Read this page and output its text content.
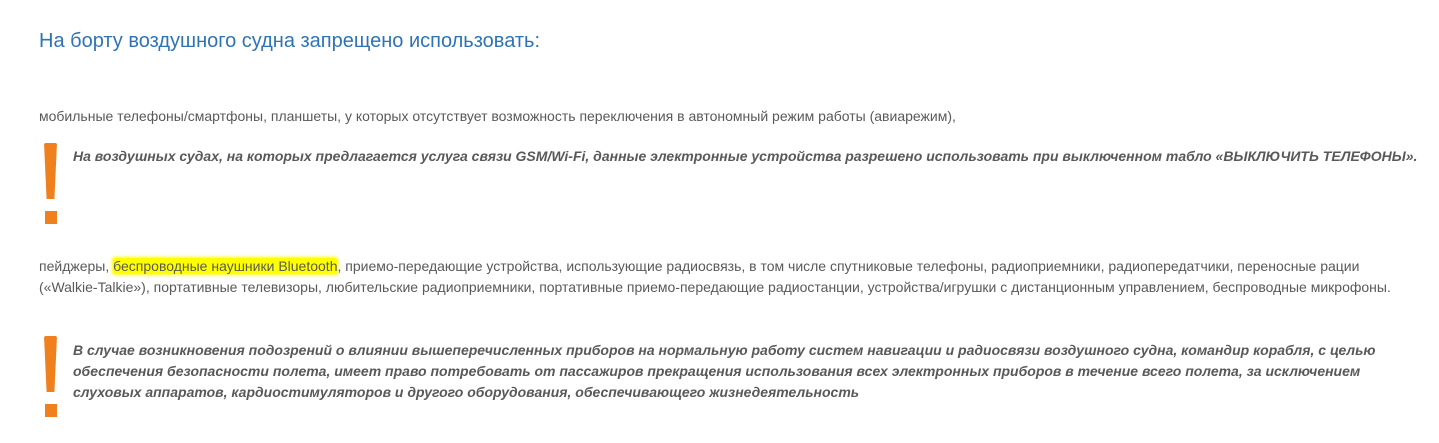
На борту воздушного судна запрещено использовать:

мобильные телефоны/смартфоны, планшеты, у которых отсутствует возможность переключения в автономный режим работы (авиарежим),

На воздушных судах, на которых предлагается услуга связи GSM/Wi-Fi, данные электронные устройства разрешено использовать при выключенном табло «ВЫКЛЮЧИТЬ ТЕЛЕФОНЫ».

пейджеры, беспроводные наушники Bluetooth, приемо-передающие устройства, использующие радиосвязь, в том числе спутниковые телефоны, радиоприемники, радиопередатчики, переносные рации («Walkie-Talkie»), портативные телевизоры, любительские радиоприемники, портативные приемо-передающие радиостанции, устройства/игрушки с дистанционным управлением, беспроводные микрофоны.

В случае возникновения подозрений о влиянии вышеперечисленных приборов на нормальную работу систем навигации и радиосвязи воздушного судна, командир корабля, с целью обеспечения безопасности полета, имеет право потребовать от пассажиров прекращения использования всех электронных приборов в течение всего полета, за исключением слуховых аппаратов, кардиостимуляторов и другого оборудования, обеспечивающего жизнедеятельность
